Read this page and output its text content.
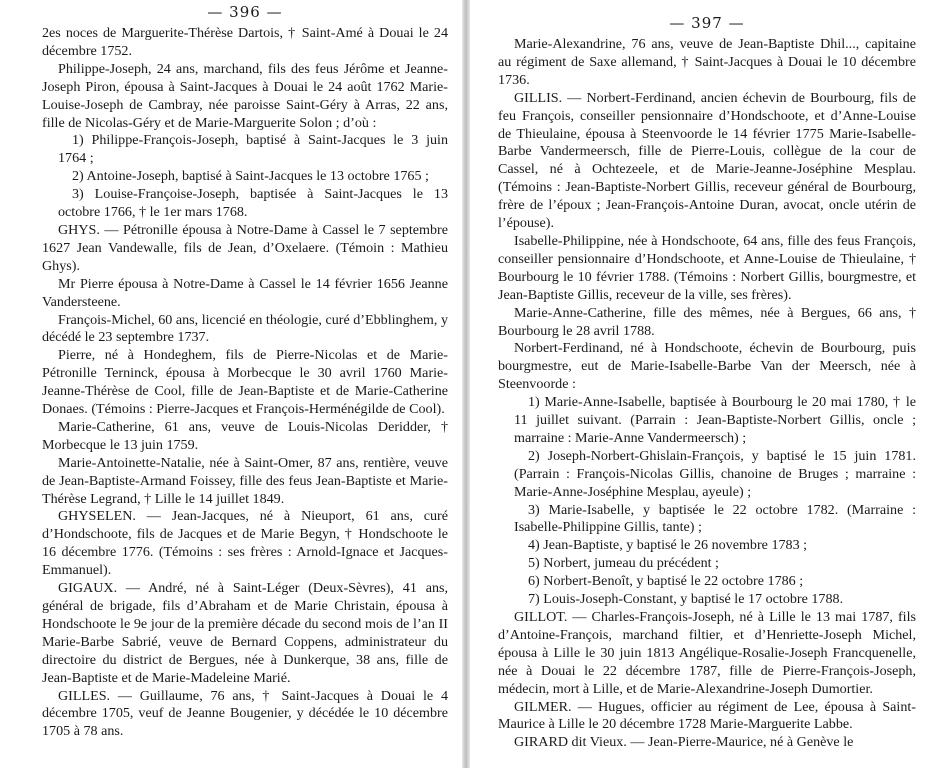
— 396 —

2es noces de Marguerite-Thérèse Dartois, † Saint-Amé à Douai le 24 décembre 1752.

Philippe-Joseph, 24 ans, marchand, fils des feus Jérôme et Jeanne-Joseph Piron, épousa à Saint-Jacques à Douai le 24 août 1762 Marie-Louise-Joseph de Cambray, née paroisse Saint-Géry à Arras, 22 ans, fille de Nicolas-Géry et de Marie-Marguerite Solon ; d’où :

1) Philippe-François-Joseph, baptisé à Saint-Jacques le 3 juin 1764 ;

2) Antoine-Joseph, baptisé à Saint-Jacques le 13 octobre 1765 ;

3) Louise-Françoise-Joseph, baptisée à Saint-Jacques le 13 octobre 1766, † le 1er mars 1768.

GHYS. — Pétronille épousa à Notre-Dame à Cassel le 7 septembre 1627 Jean Vandewalle, fils de Jean, d’Oxelaere. (Témoin : Mathieu Ghys).

Mr Pierre épousa à Notre-Dame à Cassel le 14 février 1656 Jeanne Vandersteene.

François-Michel, 60 ans, licencié en théologie, curé d’Ebblinghem, y décédé le 23 septembre 1737.

Pierre, né à Hondeghem, fils de Pierre-Nicolas et de Marie-Pétronille Terninck, épousa à Morbecque le 30 avril 1760 Marie-Jeanne-Thérèse de Cool, fille de Jean-Baptiste et de Marie-Catherine Donaes. (Témoins : Pierre-Jacques et François-Herménégilde de Cool).

Marie-Catherine, 61 ans, veuve de Louis-Nicolas Deridder, † Morbecque le 13 juin 1759.

Marie-Antoinette-Natalie, née à Saint-Omer, 87 ans, rentière, veuve de Jean-Baptiste-Armand Foissey, fille des feus Jean-Baptiste et Marie-Thérèse Legrand, † Lille le 14 juillet 1849.

GHYSELEN. — Jean-Jacques, né à Nieuport, 61 ans, curé d’Hondschoote, fils de Jacques et de Marie Begyn, † Hondschoote le 16 décembre 1776. (Témoins : ses frères : Arnold-Ignace et Jacques-Emmanuel).

GIGAUX. — André, né à Saint-Léger (Deux-Sèvres), 41 ans, général de brigade, fils d’Abraham et de Marie Christain, épousa à Hondschoote le 9e jour de la première décade du second mois de l’an II Marie-Barbe Sabrié, veuve de Bernard Coppens, administrateur du directoire du district de Bergues, née à Dunkerque, 38 ans, fille de Jean-Baptiste et de Marie-Madeleine Marié.

GILLES. — Guillaume, 76 ans, † Saint-Jacques à Douai le 4 décembre 1705, veuf de Jeanne Bougenier, y décédée le 10 décembre 1705 à 78 ans.

— 397 —

Marie-Alexandrine, 76 ans, veuve de Jean-Baptiste Dhil..., capitaine au régiment de Saxe allemand, † Saint-Jacques à Douai le 10 décembre 1736.

GILLIS. — Norbert-Ferdinand, ancien échevin de Bourbourg, fils de feu François, conseiller pensionnaire d’Hondschoote, et d’Anne-Louise de Thieulaine, épousa à Steenvoorde le 14 février 1775 Marie-Isabelle-Barbe Vandermeersch, fille de Pierre-Louis, collègue de la cour de Cassel, né à Ochtezeele, et de Marie-Jeanne-Joséphine Mesplau. (Témoins : Jean-Baptiste-Norbert Gillis, receveur général de Bourbourg, frère de l’époux ; Jean-François-Antoine Duran, avocat, oncle utérin de l’épouse).

Isabelle-Philippine, née à Hondschoote, 64 ans, fille des feus François, conseiller pensionnaire d’Hondschoote, et Anne-Louise de Thieulaine, † Bourbourg le 10 février 1788. (Témoins : Norbert Gillis, bourgmestre, et Jean-Baptiste Gillis, receveur de la ville, ses frères).

Marie-Anne-Catherine, fille des mêmes, née à Bergues, 66 ans, † Bourbourg le 28 avril 1788.

Norbert-Ferdinand, né à Hondschoote, échevin de Bourbourg, puis bourgmestre, eut de Marie-Isabelle-Barbe Van der Meersch, née à Steenvoorde :

1) Marie-Anne-Isabelle, baptisée à Bourbourg le 20 mai 1780, † le 11 juillet suivant. (Parrain : Jean-Baptiste-Norbert Gillis, oncle ; marraine : Marie-Anne Vandermeersch) ;

2) Joseph-Norbert-Ghislain-François, y baptisé le 15 juin 1781. (Parrain : François-Nicolas Gillis, chanoine de Bruges ; marraine : Marie-Anne-Joséphine Mesplau, ayeule) ;

3) Marie-Isabelle, y baptisée le 22 octobre 1782. (Marraine : Isabelle-Philippine Gillis, tante) ;

4) Jean-Baptiste, y baptisé le 26 novembre 1783 ;

5) Norbert, jumeau du précédent ;

6) Norbert-Benoît, y baptisé le 22 octobre 1786 ;

7) Louis-Joseph-Constant, y baptisé le 17 octobre 1788.

GILLOT. — Charles-François-Joseph, né à Lille le 13 mai 1787, fils d’Antoine-François, marchand filtier, et d’Henriette-Joseph Michel, épousa à Lille le 30 juin 1813 Angélique-Rosalie-Joseph Francquenelle, née à Douai le 22 décembre 1787, fille de Pierre-François-Joseph, médecin, mort à Lille, et de Marie-Alexandrine-Joseph Dumortier.

GILMER. — Hugues, officier au régiment de Lee, épousa à Saint-Maurice à Lille le 20 décembre 1728 Marie-Marguerite Labbe.

GIRARD dit Vieux. — Jean-Pierre-Maurice, né à Genève le
